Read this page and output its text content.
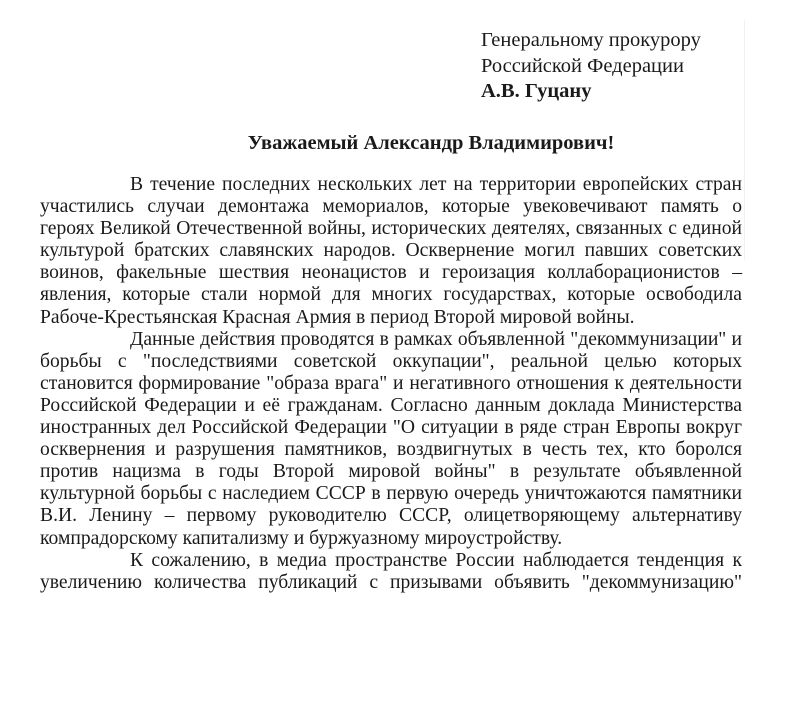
Генеральному прокурору
Российской Федерации
А.В. Гуцану
Уважаемый Александр Владимирович!

В течение последних нескольких лет на территории европейских стран участились случаи демонтажа мемориалов, которые увековечивают память о героях Великой Отечественной войны, исторических деятелях, связанных с единой культурой братских славянских народов. Осквернение могил павших советских воинов, факельные шествия неонацистов и героизация коллаборационистов – явления, которые стали нормой для многих государствах, которые освободила Рабоче-Крестьянская Красная Армия в период Второй мировой войны.

Данные действия проводятся в рамках объявленной "декоммунизации" и борьбы с "последствиями советской оккупации", реальной целью которых становится формирование "образа врага" и негативного отношения к деятельности Российской Федерации и её гражданам. Согласно данным доклада Министерства иностранных дел Российской Федерации "О ситуации в ряде стран Европы вокруг осквернения и разрушения памятников, воздвигнутых в честь тех, кто боролся против нацизма в годы Второй мировой войны" в результате объявленной культурной борьбы с наследием СССР в первую очередь уничтожаются памятники В.И. Ленину – первому руководителю СССР, олицетворяющему альтернативу компрадорскому капитализму и буржуазному мироустройству.

К сожалению, в медиа пространстве России наблюдается тенденция к увеличению количества публикаций с призывами объявить "декоммунизацию"
